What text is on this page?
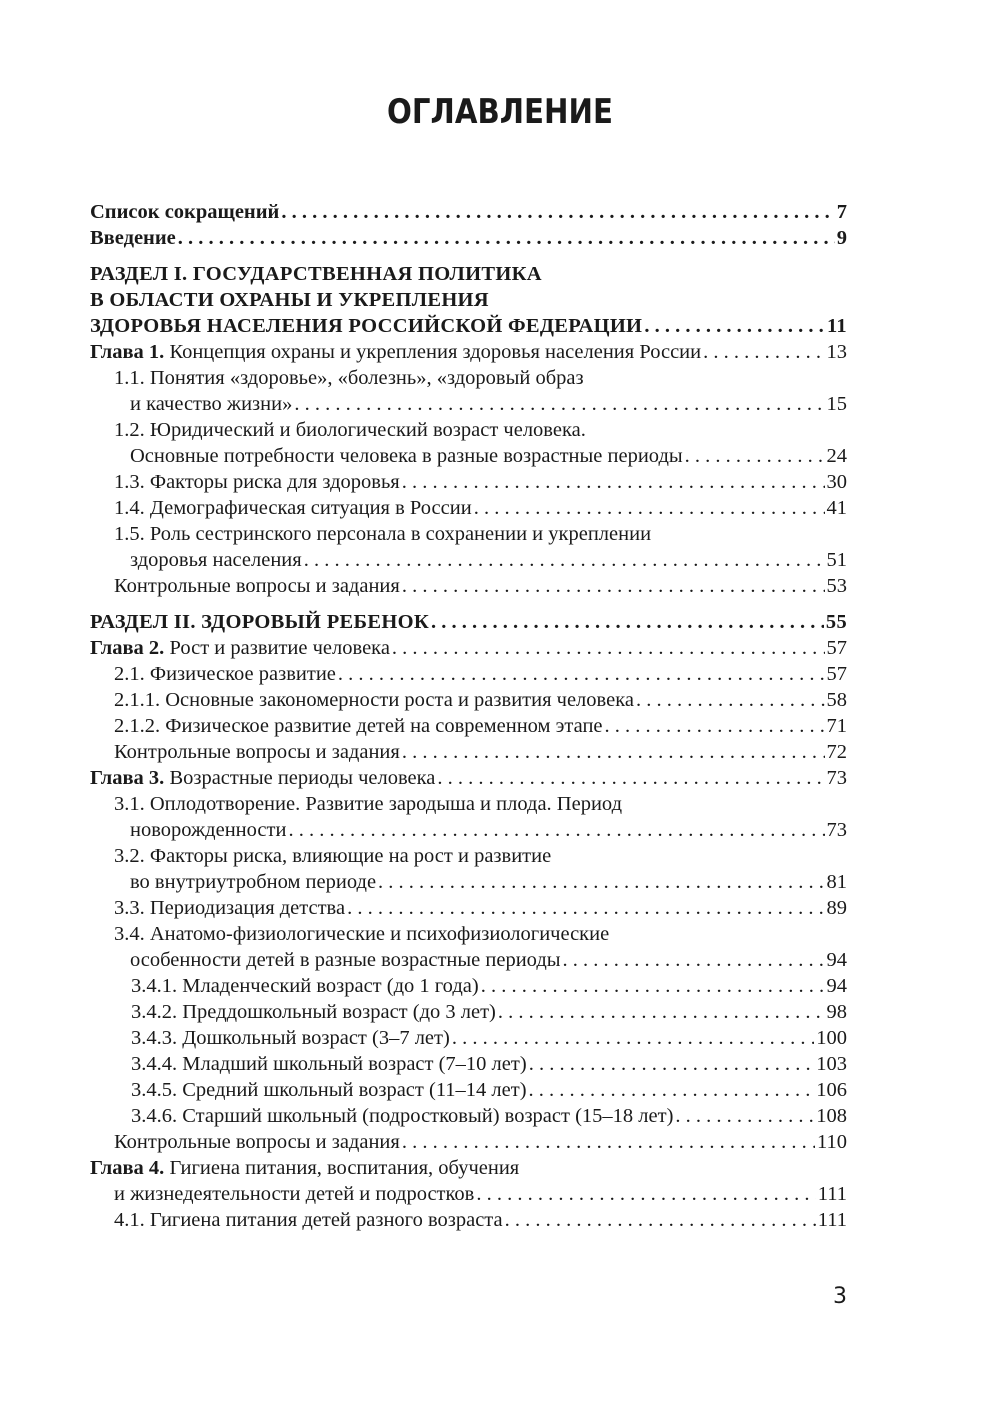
ОГЛАВЛЕНИЕ
Список сокращений . . .	7
Введение . . .	9
РАЗДЕЛ I. ГОСУДАРСТВЕННАЯ ПОЛИТИКА
В ОБЛАСТИ ОХРАНЫ И УКРЕПЛЕНИЯ
ЗДОРОВЬЯ НАСЕЛЕНИЯ РОССИЙСКОЙ ФЕДЕРАЦИИ . . .	11
Глава 1. Концепция охраны и укрепления здоровья населения России . . .	13
1.1. Понятия «здоровье», «болезнь», «здоровый образ
и качество жизни» . . .	15
1.2. Юридический и биологический возраст человека.
Основные потребности человека в разные возрастные периоды . . .	24
1.3. Факторы риска для здоровья . . .	30
1.4. Демографическая ситуация в России . . .	41
1.5. Роль сестринского персонала в сохранении и укреплении
здоровья населения . . .	51
Контрольные вопросы и задания . . .	53
РАЗДЕЛ II. ЗДОРОВЫЙ РЕБЕНОК . . .	55
Глава 2. Рост и развитие человека . . .	57
2.1. Физическое развитие . . .	57
2.1.1. Основные закономерности роста и развития человека . . .	58
2.1.2. Физическое развитие детей на современном этапе . . .	71
Контрольные вопросы и задания . . .	72
Глава 3. Возрастные периоды человека . . .	73
3.1. Оплодотворение. Развитие зародыша и плода. Период
новорожденности . . .	73
3.2. Факторы риска, влияющие на рост и развитие
во внутриутробном периоде . . .	81
3.3. Периодизация детства . . .	89
3.4. Анатомо-физиологические и психофизиологические
особенности детей в разные возрастные периоды . . .	94
3.4.1. Младенческий возраст (до 1 года) . . .	94
3.4.2. Преддошкольный возраст (до 3 лет) . . .	98
3.4.3. Дошкольный возраст (3–7 лет) . . .	100
3.4.4. Младший школьный возраст (7–10 лет) . . .	103
3.4.5. Средний школьный возраст (11–14 лет) . . .	106
3.4.6. Старший школьный (подростковый) возраст (15–18 лет) . . .	108
Контрольные вопросы и задания . . .	110
Глава 4. Гигиена питания, воспитания, обучения
и жизнедеятельности детей и подростков . . .	111
4.1. Гигиена питания детей разного возраста . . .	111
3
